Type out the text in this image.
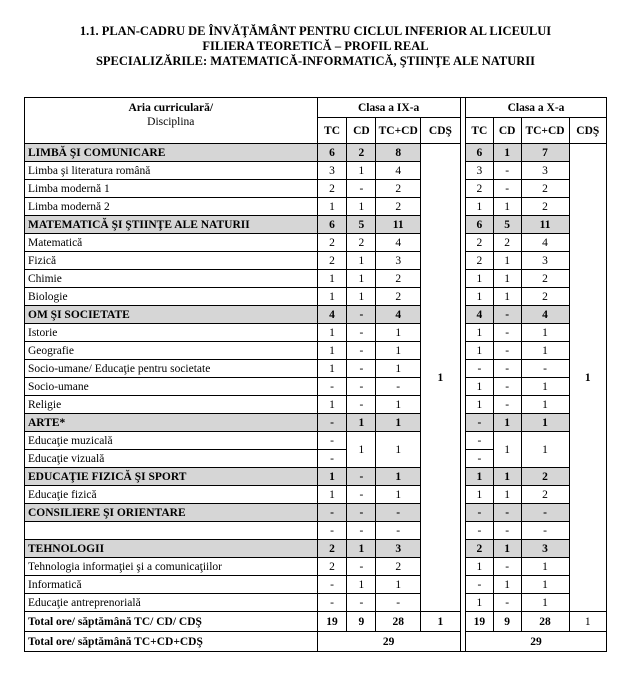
1.1. PLAN-CADRU DE ÎNVĂŢĂMÂNT PENTRU CICLUL INFERIOR AL LICEULUI
FILIERA TEORETICĂ – PROFIL REAL
SPECIALIZĂRILE: MATEMATICĂ-INFORMATICĂ, ŞTIINŢE ALE NATURII
Aria curriculară/
Disciplina	Clasa a IX-a					Clasa a X-a			
	TC	CD	TC+CD	CDŞ		TC	CD	TC+CD	CDŞ
LIMBĂ ŞI COMUNICARE	6	2	8	1		6	1	7	1
Limba şi literatura română	3	1	4			3	-	3	
Limba modernă 1	2	-	2			2	-	2	
Limba modernă 2	1	1	2			1	1	2	
MATEMATICĂ ŞI ŞTIINŢE ALE NATURII	6	5	11			6	5	11	
Matematică	2	2	4			2	2	4	
Fizică	2	1	3			2	1	3	
Chimie	1	1	2			1	1	2	
Biologie	1	1	2			1	1	2	
OM ŞI SOCIETATE	4	-	4			4	-	4	
Istorie	1	-	1			1	-	1	
Geografie	1	-	1			1	-	1	
Socio-umane/ Educaţie pentru societate	1	-	1			-	-	-	
Socio-umane	-	-	-			1	-	1	
Religie	1	-	1			1	-	1	
ARTE*	-	1	1			-	1	1	
Educaţie muzicală	-	1	1			-	1	1	
Educaţie vizuală	-					-			
EDUCAŢIE FIZICĂ ŞI SPORT	1	-	1			1	1	2	
Educaţie fizică	1	-	1			1	1	2	
CONSILIERE ŞI ORIENTARE	-	-	-			-	-	-	
	-	-	-			-	-	-	
TEHNOLOGII	2	1	3			2	1	3	
Tehnologia informaţiei şi a comunicaţiilor	2	-	2			1	-	1	
Informatică	-	1	1			-	1	1	
Educaţie antreprenorială	-	-	-			1	-	1	
Total ore/ săptămână TC/ CD/ CDŞ	19	9	28	1		19	9	28	1
Total ore/ săptămână TC+CD+CDŞ	29					29			
